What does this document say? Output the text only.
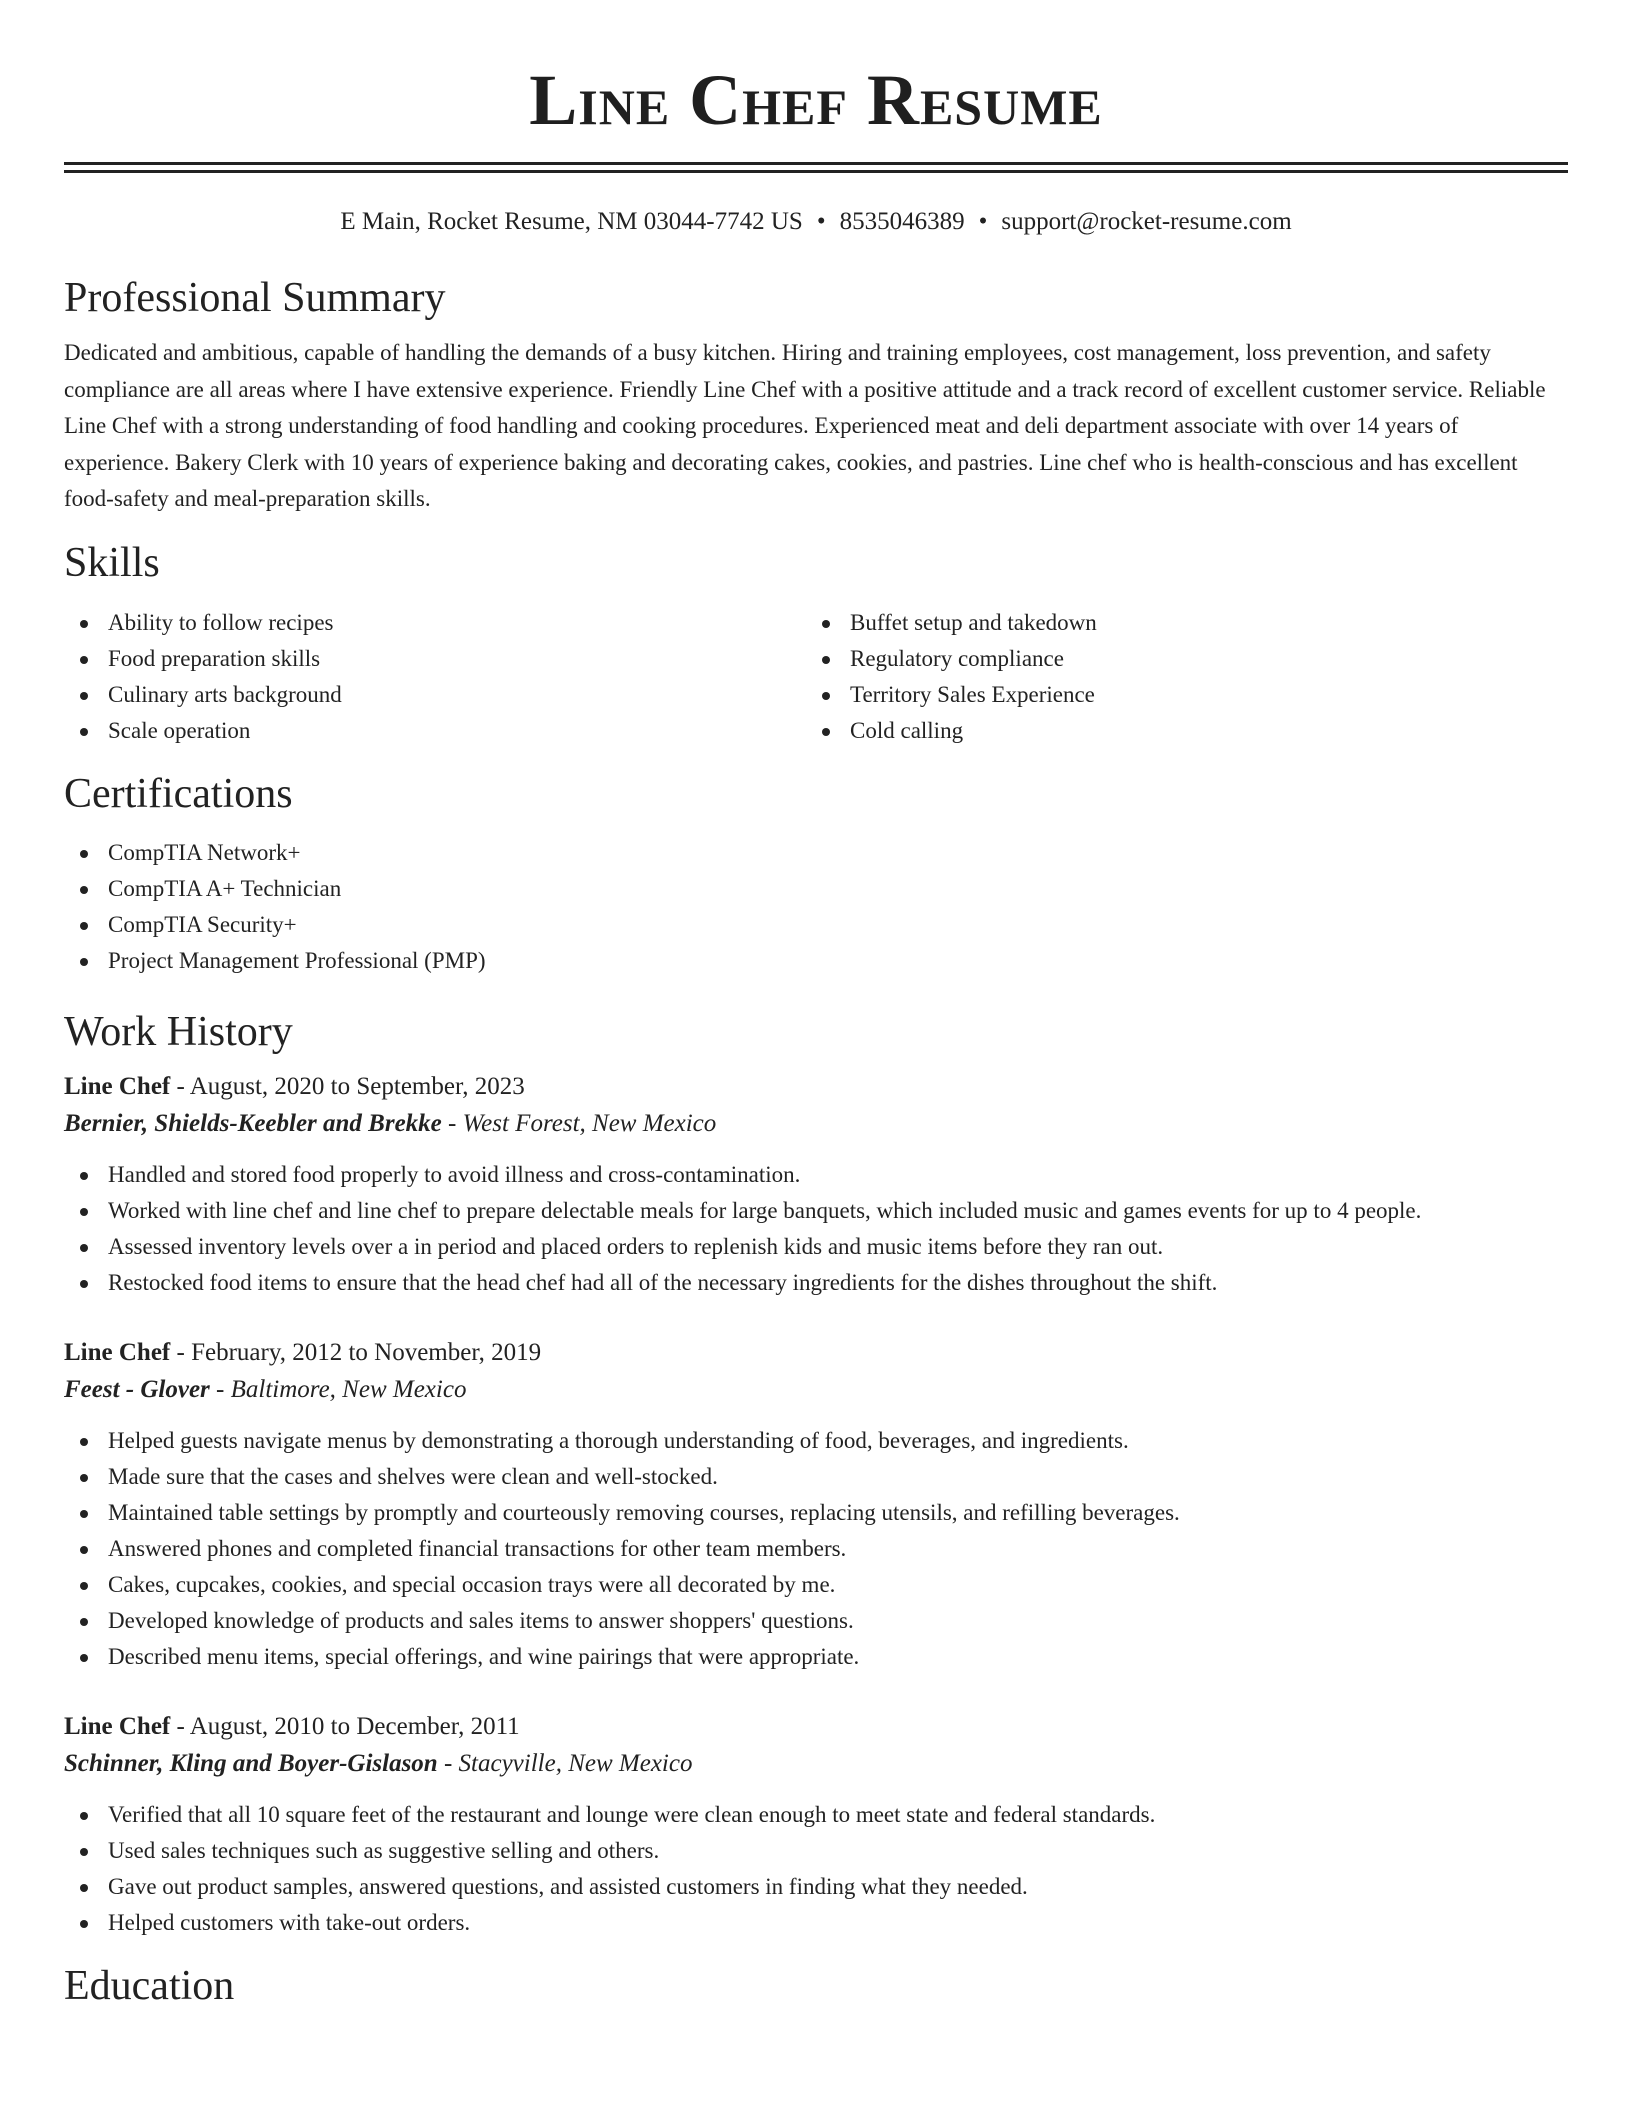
Line Chef Resume
E Main, Rocket Resume, NM 03044-7742 US • 8535046389 • support@rocket-resume.com
Professional Summary

Dedicated and ambitious, capable of handling the demands of a busy kitchen. Hiring and training employees, cost management, loss prevention, and safety compliance are all areas where I have extensive experience. Friendly Line Chef with a positive attitude and a track record of excellent customer service. Reliable Line Chef with a strong understanding of food handling and cooking procedures. Experienced meat and deli department associate with over 14 years of experience. Bakery Clerk with 10 years of experience baking and decorating cakes, cookies, and pastries. Line chef who is health-conscious and has excellent food-safety and meal-preparation skills.

Skills
Ability to follow recipes
Food preparation skills
Culinary arts background
Scale operation
Buffet setup and takedown
Regulatory compliance
Territory Sales Experience
Cold calling
Certifications
CompTIA Network+
CompTIA A+ Technician
CompTIA Security+
Project Management Professional (PMP)
Work History
Line Chef - August, 2020 to September, 2023
Bernier, Shields-Keebler and Brekke - West Forest, New Mexico
Handled and stored food properly to avoid illness and cross-contamination.
Worked with line chef and line chef to prepare delectable meals for large banquets, which included music and games events for up to 4 people.
Assessed inventory levels over a in period and placed orders to replenish kids and music items before they ran out.
Restocked food items to ensure that the head chef had all of the necessary ingredients for the dishes throughout the shift.
Line Chef - February, 2012 to November, 2019
Feest - Glover - Baltimore, New Mexico
Helped guests navigate menus by demonstrating a thorough understanding of food, beverages, and ingredients.
Made sure that the cases and shelves were clean and well-stocked.
Maintained table settings by promptly and courteously removing courses, replacing utensils, and refilling beverages.
Answered phones and completed financial transactions for other team members.
Cakes, cupcakes, cookies, and special occasion trays were all decorated by me.
Developed knowledge of products and sales items to answer shoppers' questions.
Described menu items, special offerings, and wine pairings that were appropriate.
Line Chef - August, 2010 to December, 2011
Schinner, Kling and Boyer-Gislason - Stacyville, New Mexico
Verified that all 10 square feet of the restaurant and lounge were clean enough to meet state and federal standards.
Used sales techniques such as suggestive selling and others.
Gave out product samples, answered questions, and assisted customers in finding what they needed.
Helped customers with take-out orders.
Education
